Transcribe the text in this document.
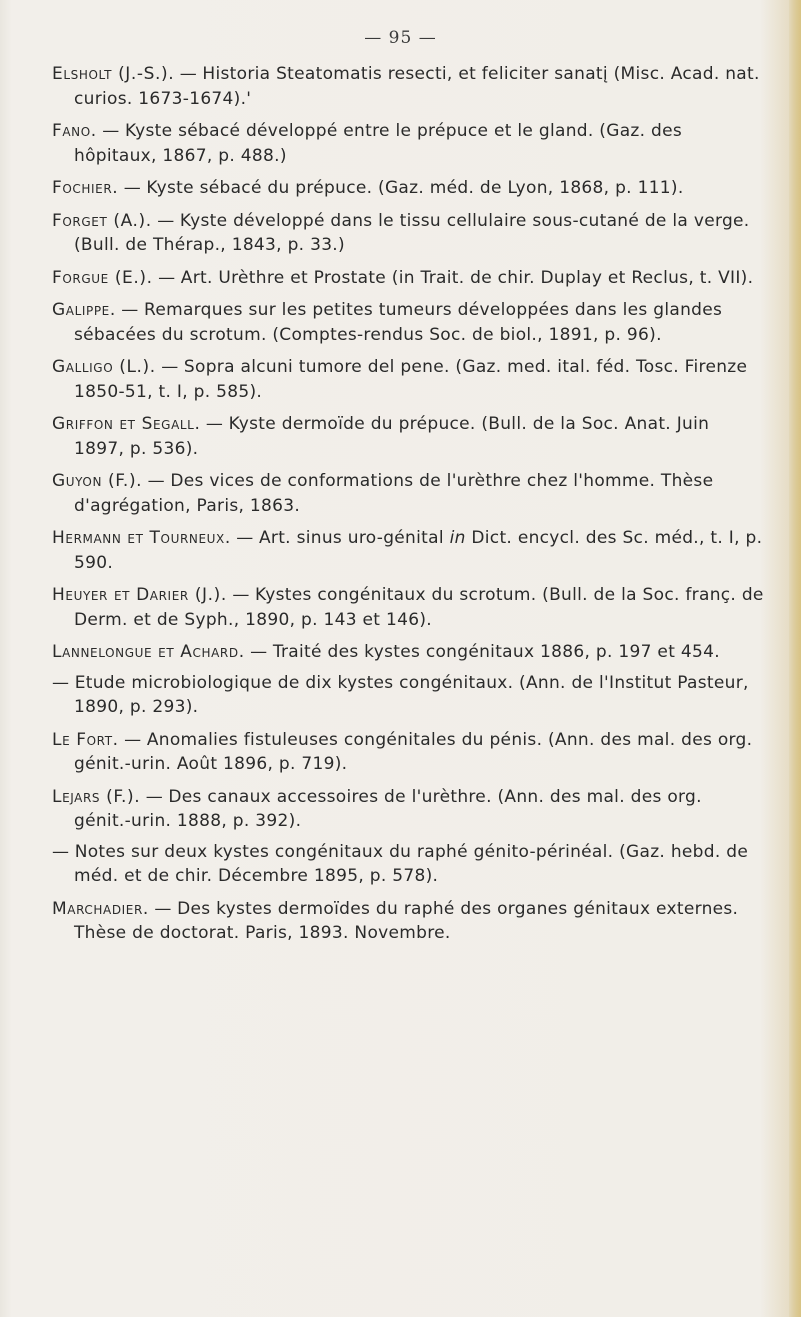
— 95 —

Elsholt (J.-S.). — Historia Steatomatis resecti, et feliciter sanatį (Misc. Acad. nat. curios. 1673-1674).'

Fano. — Kyste sébacé développé entre le prépuce et le gland. (Gaz. des hôpitaux, 1867, p. 488.)

Fochier. — Kyste sébacé du prépuce. (Gaz. méd. de Lyon, 1868, p. 111).

Forget (A.). — Kyste développé dans le tissu cellulaire sous-cutané de la verge. (Bull. de Thérap., 1843, p. 33.)

Forgue (E.). — Art. Urèthre et Prostate (in Trait. de chir. Duplay et Reclus, t. VII).

Galippe. — Remarques sur les petites tumeurs développées dans les glandes sébacées du scrotum. (Comptes-rendus Soc. de biol., 1891, p. 96).

Galligo (L.). — Sopra alcuni tumore del pene. (Gaz. med. ital. féd. Tosc. Firenze 1850-51, t. I, p. 585).

Griffon et Segall. — Kyste dermoïde du prépuce. (Bull. de la Soc. Anat. Juin 1897, p. 536).

Guyon (F.). — Des vices de conformations de l'urèthre chez l'homme. Thèse d'agrégation, Paris, 1863.

Hermann et Tourneux. — Art. sinus uro-génital in Dict. encycl. des Sc. méd., t. I, p. 590.

Heuyer et Darier (J.). — Kystes congénitaux du scrotum. (Bull. de la Soc. franç. de Derm. et de Syph., 1890, p. 143 et 146).

Lannelongue et Achard. — Traité des kystes congénitaux 1886, p. 197 et 454.

— Etude microbiologique de dix kystes congénitaux. (Ann. de l'Institut Pasteur, 1890, p. 293).

Le Fort. — Anomalies fistuleuses congénitales du pénis. (Ann. des mal. des org. génit.-urin. Août 1896, p. 719).

Lejars (F.). — Des canaux accessoires de l'urèthre. (Ann. des mal. des org. génit.-urin. 1888, p. 392).

— Notes sur deux kystes congénitaux du raphé génito-périnéal. (Gaz. hebd. de méd. et de chir. Décembre 1895, p. 578).

Marchadier. — Des kystes dermoïdes du raphé des organes génitaux externes. Thèse de doctorat. Paris, 1893. Novembre.
